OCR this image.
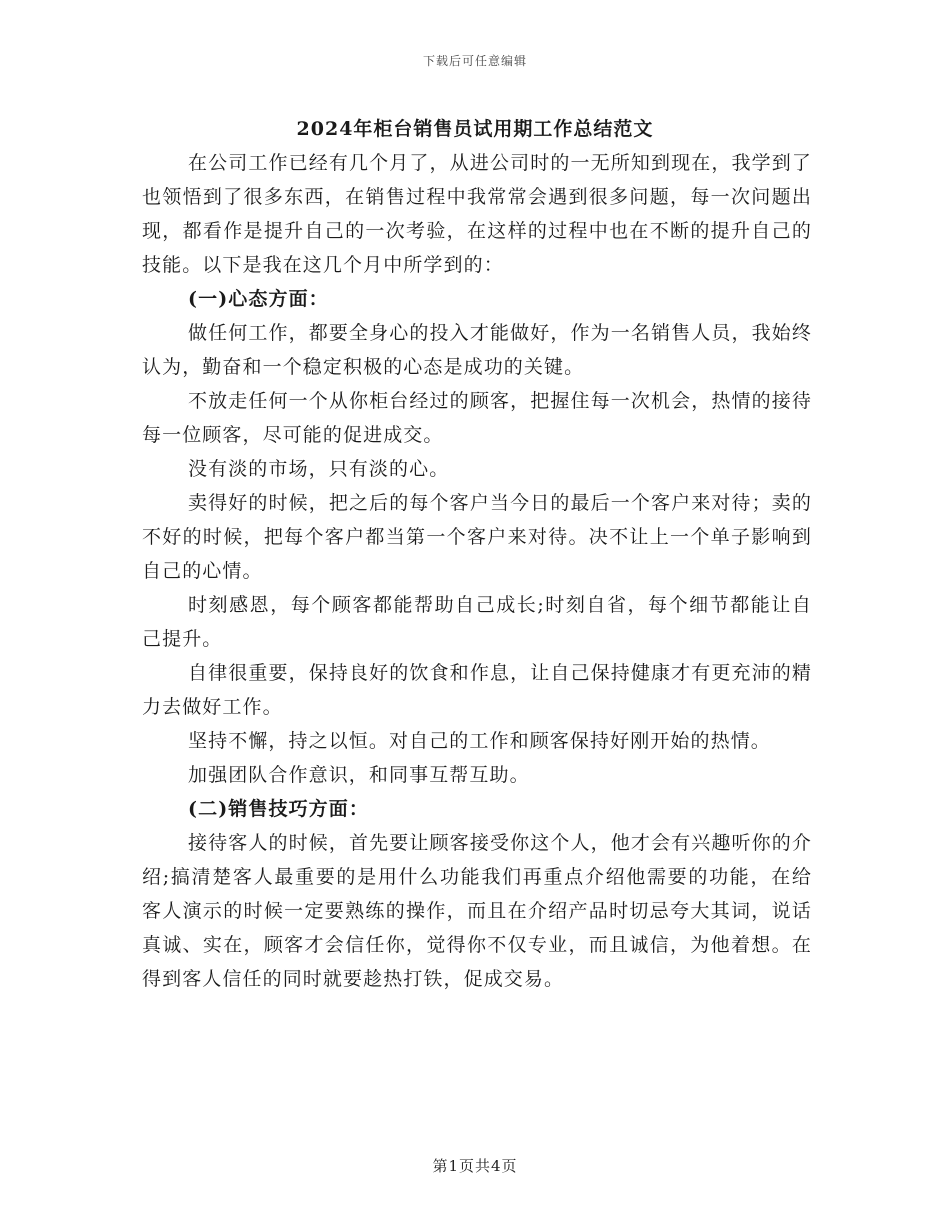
下载后可任意编辑
2024年柜台销售员试用期工作总结范文

在公司工作已经有几个月了，从进公司时的一无所知到现在，我学到了也领悟到了很多东西，在销售过程中我常常会遇到很多问题，每一次问题出现，都看作是提升自己的一次考验，在这样的过程中也在不断的提升自己的技能。以下是我在这几个月中所学到的：

(一)心态方面：

做任何工作，都要全身心的投入才能做好，作为一名销售人员，我始终认为，勤奋和一个稳定积极的心态是成功的关键。

不放走任何一个从你柜台经过的顾客，把握住每一次机会，热情的接待每一位顾客，尽可能的促进成交。

没有淡的市场，只有淡的心。

卖得好的时候，把之后的每个客户当今日的最后一个客户来对待；卖的不好的时候，把每个客户都当第一个客户来对待。决不让上一个单子影响到自己的心情。

时刻感恩，每个顾客都能帮助自己成长;时刻自省，每个细节都能让自己提升。

自律很重要，保持良好的饮食和作息，让自己保持健康才有更充沛的精力去做好工作。

坚持不懈，持之以恒。对自己的工作和顾客保持好刚开始的热情。

加强团队合作意识，和同事互帮互助。

(二)销售技巧方面：

接待客人的时候，首先要让顾客接受你这个人，他才会有兴趣听你的介绍;搞清楚客人最重要的是用什么功能我们再重点介绍他需要的功能，在给客人演示的时候一定要熟练的操作，而且在介绍产品时切忌夸大其词，说话真诚、实在，顾客才会信任你，觉得你不仅专业，而且诚信，为他着想。在得到客人信任的同时就要趁热打铁，促成交易。

第1页共4页
